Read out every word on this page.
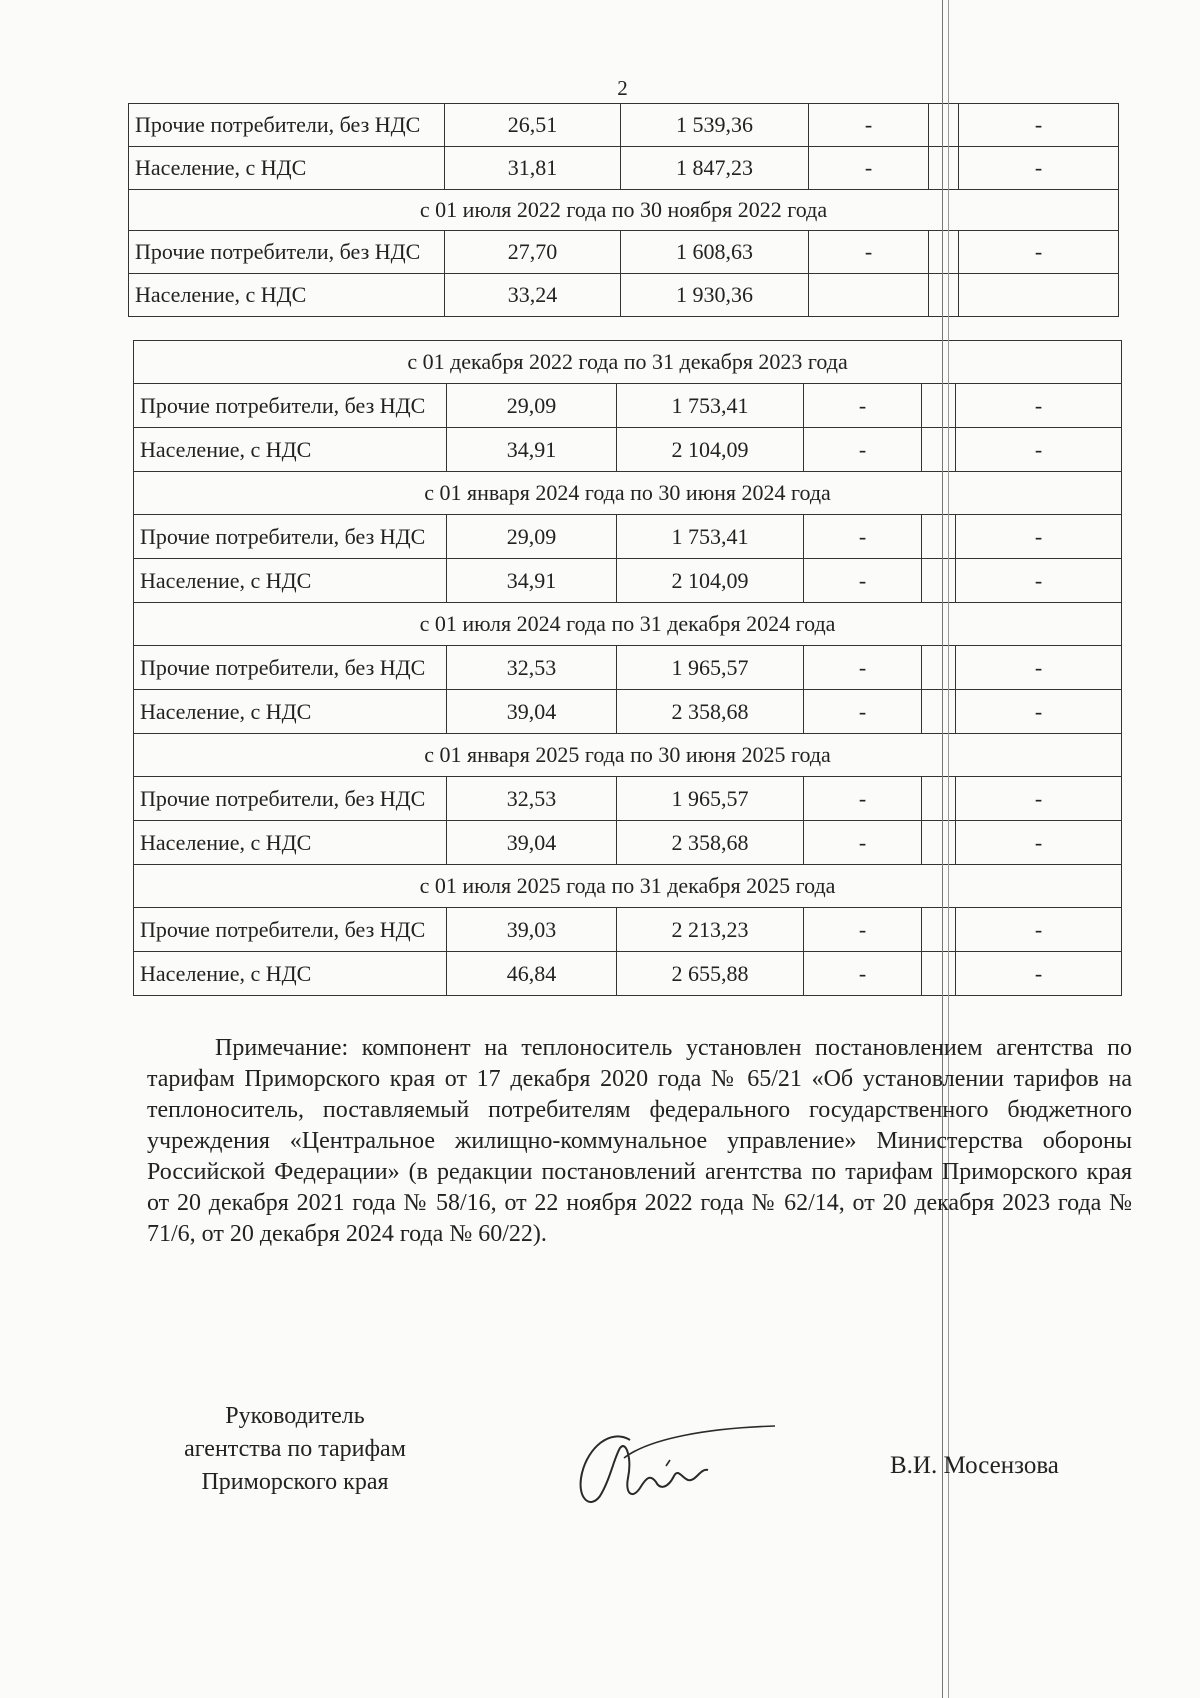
2
Прочие потребители, без НДС	26,51	1 539,36	-		-
Население, с НДС	31,81	1 847,23	-		-
с 01 июля 2022 года по 30 ноября 2022 года					
Прочие потребители, без НДС	27,70	1 608,63	-		-
Население, с НДС	33,24	1 930,36			
с 01 декабря 2022 года по 31 декабря 2023 года					
Прочие потребители, без НДС	29,09	1 753,41	-		-
Население, с НДС	34,91	2 104,09	-		-
с 01 января 2024 года по 30 июня 2024 года					
Прочие потребители, без НДС	29,09	1 753,41	-		-
Население, с НДС	34,91	2 104,09	-		-
с 01 июля 2024 года по 31 декабря 2024 года					
Прочие потребители, без НДС	32,53	1 965,57	-		-
Население, с НДС	39,04	2 358,68	-		-
с 01 января 2025 года по 30 июня 2025 года					
Прочие потребители, без НДС	32,53	1 965,57	-		-
Население, с НДС	39,04	2 358,68	-		-
с 01 июля 2025 года по 31 декабря 2025 года					
Прочие потребители, без НДС	39,03	2 213,23	-		-
Население, с НДС	46,84	2 655,88	-		-

Примечание: компонент на теплоноситель установлен постановлением агентства по тарифам Приморского края от 17 декабря 2020 года № 65/21 «Об установлении тарифов на теплоноситель, поставляемый потребителям федерального государственного бюджетного учреждения «Центральное жилищно-коммунальное управление» Министерства обороны Российской Федерации» (в редакции постановлений агентства по тарифам Приморского края от 20 декабря 2021 года № 58/16, от 22 ноября 2022 года № 62/14, от 20 декабря 2023 года № 71/6, от 20 декабря 2024 года № 60/22).

Руководитель
агентства по тарифам
Приморского края
В.И. Мосензова
